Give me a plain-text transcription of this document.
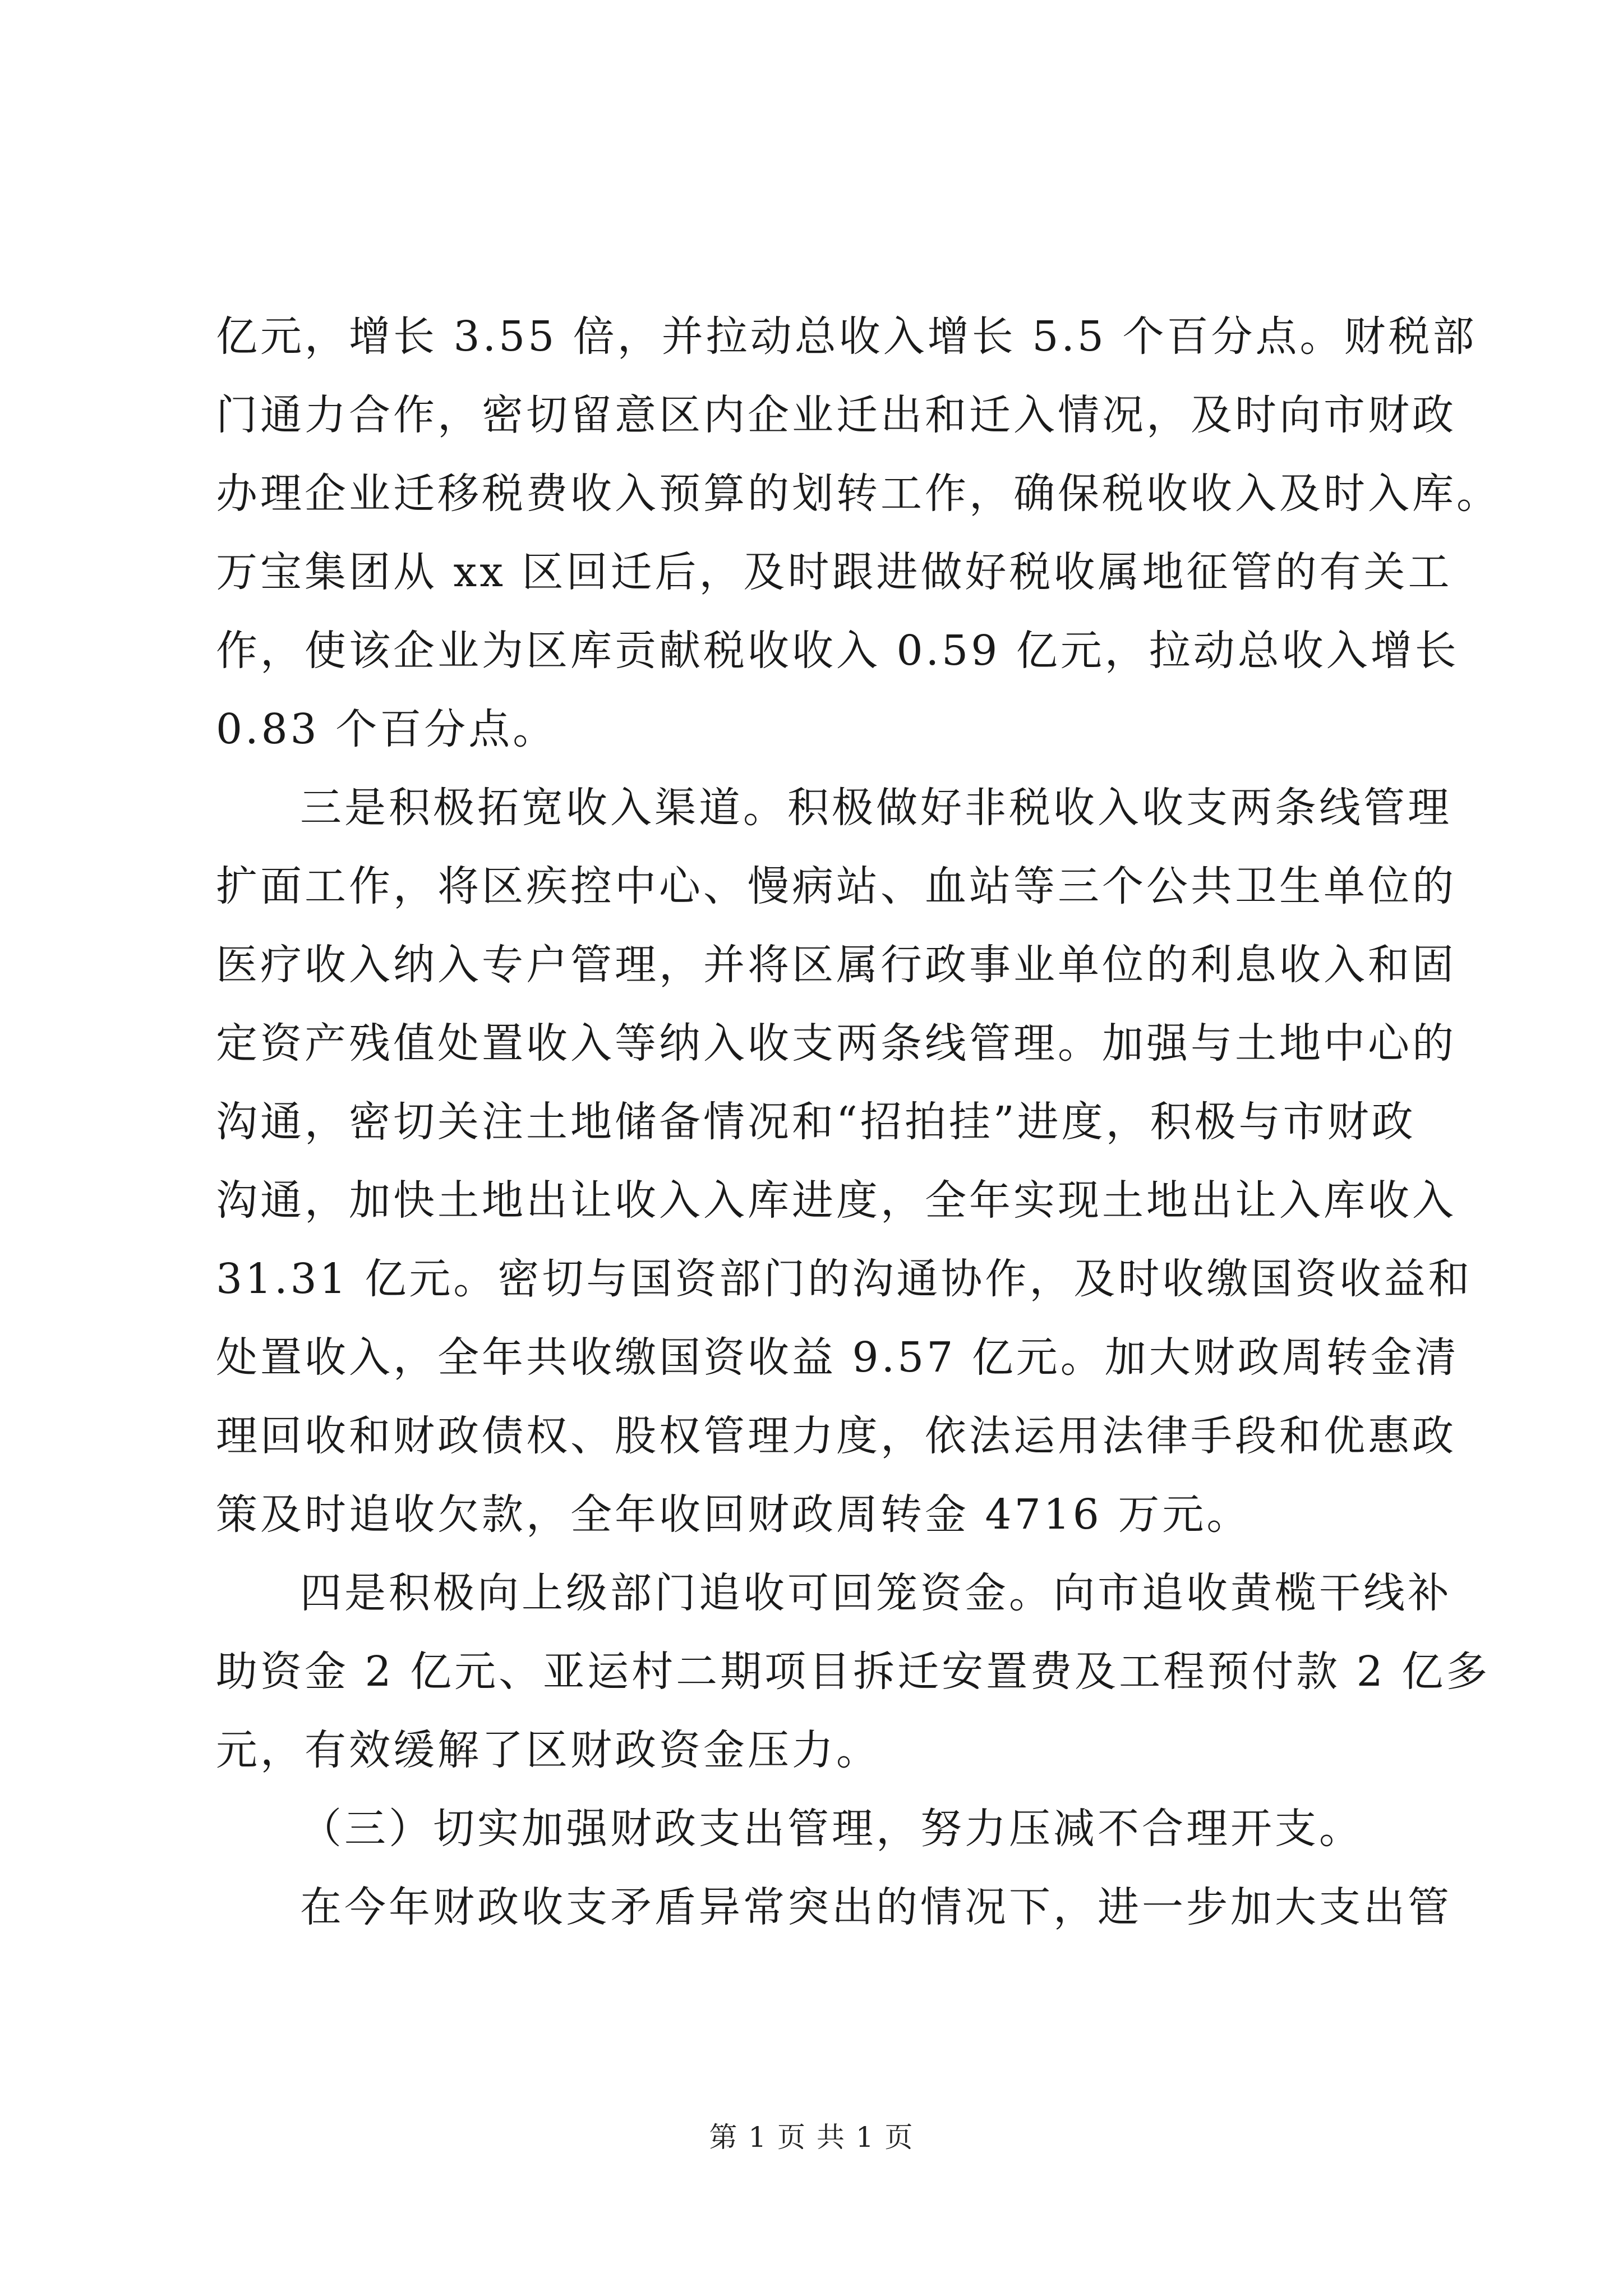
亿元，增长 3.55 倍，并拉动总收入增长 5.5 个百分点。财税部
门通力合作，密切留意区内企业迁出和迁入情况，及时向市财政
办理企业迁移税费收入预算的划转工作，确保税收收入及时入库。
万宝集团从 xx 区回迁后，及时跟进做好税收属地征管的有关工
作，使该企业为区库贡献税收收入 0.59 亿元，拉动总收入增长
0.83 个百分点。
三是积极拓宽收入渠道。积极做好非税收入收支两条线管理
扩面工作，将区疾控中心、慢病站、血站等三个公共卫生单位的
医疗收入纳入专户管理，并将区属行政事业单位的利息收入和固
定资产残值处置收入等纳入收支两条线管理。加强与土地中心的
沟通，密切关注土地储备情况和“招拍挂”进度，积极与市财政
沟通，加快土地出让收入入库进度，全年实现土地出让入库收入
31.31 亿元。密切与国资部门的沟通协作，及时收缴国资收益和
处置收入，全年共收缴国资收益 9.57 亿元。加大财政周转金清
理回收和财政债权、股权管理力度，依法运用法律手段和优惠政
策及时追收欠款，全年收回财政周转金 4716 万元。
四是积极向上级部门追收可回笼资金。向市追收黄榄干线补
助资金 2 亿元、亚运村二期项目拆迁安置费及工程预付款 2 亿多
元，有效缓解了区财政资金压力。
（三）切实加强财政支出管理，努力压减不合理开支。
在今年财政收支矛盾异常突出的情况下，进一步加大支出管
第 1 页 共 1 页
